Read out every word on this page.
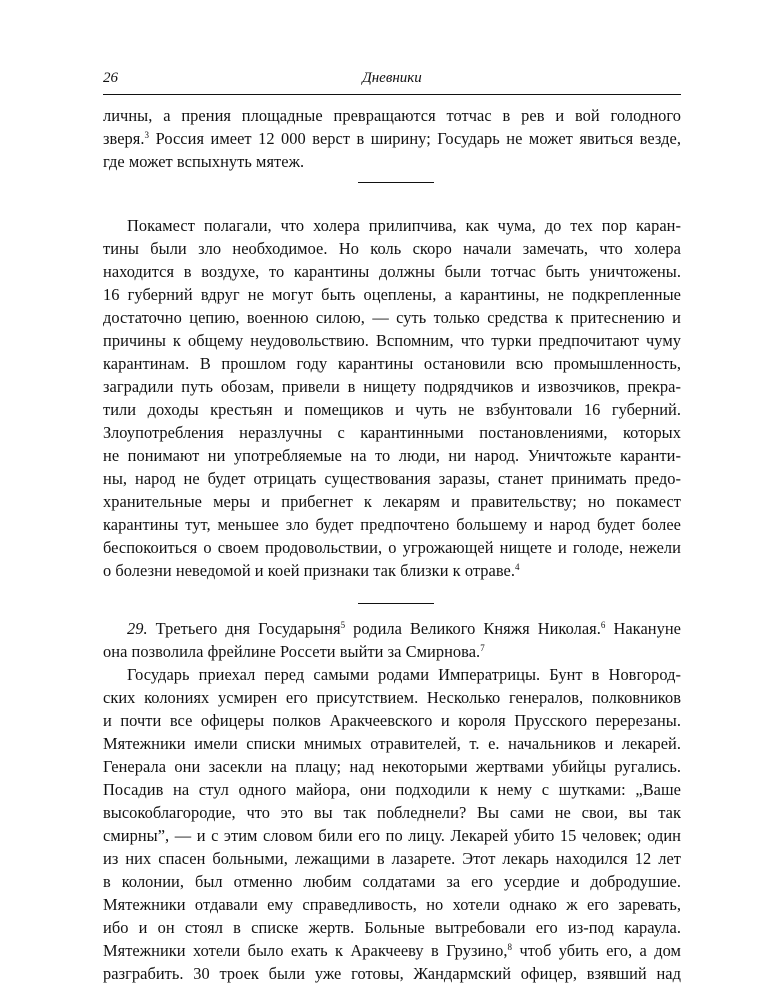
26	Дневники
личны, а прения площадные превращаются тотчас в рев и вой голодного
зверя.$^3$ Россия имеет 12 000 верст в ширину; Государь не может явиться везде,
где может вспыхнуть мятеж.
Покамест полагали, что холера прилипчива, как чума, до тех пор каран-
тины были зло необходимое. Но коль скоро начали замечать, что холера
находится в воздухе, то карантины должны были тотчас быть уничтожены.
16 губерний вдруг не могут быть оцеплены, а карантины, не подкрепленные
достаточно цепию, военною силою, — суть только средства к притеснению и
причины к общему неудовольствию. Вспомним, что турки предпочитают чуму
карантинам. В прошлом году карантины остановили всю промышленность,
заградили путь обозам, привели в нищету подрядчиков и извозчиков, прекра-
тили доходы крестьян и помещиков и чуть не взбунтовали 16 губерний.
Злоупотребления неразлучны с карантинными постановлениями, которых
не понимают ни употребляемые на то люди, ни народ. Уничтожьте каранти-
ны, народ не будет отрицать существования заразы, станет принимать предо-
хранительные меры и прибегнет к лекарям и правительству; но покамест
карантины тут, меньшее зло будет предпочтено большему и народ будет более
беспокоиться о своем продовольствии, о угрожающей нищете и голоде, нежели
о болезни неведомой и коей признаки так близки к отраве.$^4$
29. Третьего дня Государыня$^5$ родила Великого Княжя Николая.$^6$ Накануне
она позволила фрейлине Россети выйти за Смирнова.$^7$
Государь приехал перед самыми родами Императрицы. Бунт в Новгород-
ских колониях усмирен его присутствием. Несколько генералов, полковников
и почти все офицеры полков Аракчеевского и короля Прусского перерезаны.
Мятежники имели списки мнимых отравителей, т. е. начальников и лекарей.
Генерала они засекли на плацу; над некоторыми жертвами убийцы ругались.
Посадив на стул одного майора, они подходили к нему с шутками: „Ваше
высокоблагородие, что это вы так побледнели? Вы сами не свои, вы так
смирны”, — и с этим словом били его по лицу. Лекарей убито 15 человек; один
из них спасен больными, лежащими в лазарете. Этот лекарь находился 12 лет
в колонии, был отменно любим солдатами за его усердие и добродушие.
Мятежники отдавали ему справедливость, но хотели однако ж его заревать,
ибо и он стоял в списке жертв. Больные вытребовали его из-под караула.
Мятежники хотели было ехать к Аракчееву в Грузино,$^8$ чтоб убить его, а дом
разграбить. 30 троек были уже готовы, Жандармский офицер, взявший над
